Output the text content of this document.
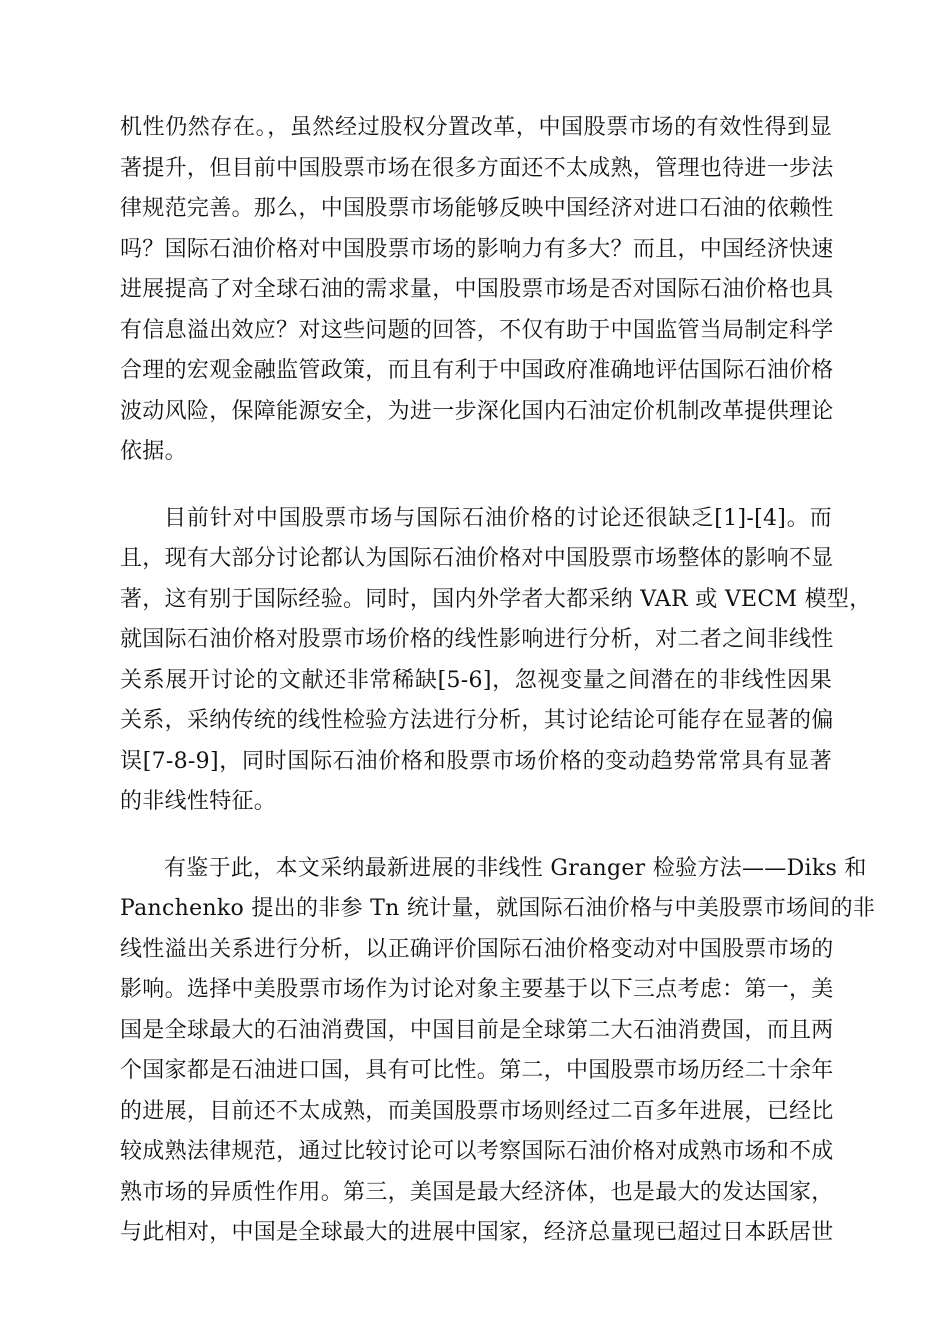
机性仍然存在。，虽然经过股权分置改革，中国股票市场的有效性得到显
著提升，但目前中国股票市场在很多方面还不太成熟，管理也待进一步法
律规范完善。那么，中国股票市场能够反映中国经济对进口石油的依赖性
吗？国际石油价格对中国股票市场的影响力有多大？而且，中国经济快速
进展提高了对全球石油的需求量，中国股票市场是否对国际石油价格也具
有信息溢出效应？对这些问题的回答，不仅有助于中国监管当局制定科学
合理的宏观金融监管政策，而且有利于中国政府准确地评估国际石油价格
波动风险，保障能源安全，为进一步深化国内石油定价机制改革提供理论
依据。
目前针对中国股票市场与国际石油价格的讨论还很缺乏[1]-[4]。而
且，现有大部分讨论都认为国际石油价格对中国股票市场整体的影响不显
著，这有别于国际经验。同时，国内外学者大都采纳 VAR 或 VECM 模型，
就国际石油价格对股票市场价格的线性影响进行分析，对二者之间非线性
关系展开讨论的文献还非常稀缺[5-6]，忽视变量之间潜在的非线性因果
关系，采纳传统的线性检验方法进行分析，其讨论结论可能存在显著的偏
误[7-8-9]，同时国际石油价格和股票市场价格的变动趋势常常具有显著
的非线性特征。
有鉴于此，本文采纳最新进展的非线性 Granger 检验方法——Diks 和
Panchenko 提出的非参 Tn 统计量，就国际石油价格与中美股票市场间的非
线性溢出关系进行分析，以正确评价国际石油价格变动对中国股票市场的
影响。选择中美股票市场作为讨论对象主要基于以下三点考虑：第一，美
国是全球最大的石油消费国，中国目前是全球第二大石油消费国，而且两
个国家都是石油进口国，具有可比性。第二，中国股票市场历经二十余年
的进展，目前还不太成熟，而美国股票市场则经过二百多年进展，已经比
较成熟法律规范，通过比较讨论可以考察国际石油价格对成熟市场和不成
熟市场的异质性作用。第三，美国是最大经济体，也是最大的发达国家，
与此相对，中国是全球最大的进展中国家，经济总量现已超过日本跃居世
